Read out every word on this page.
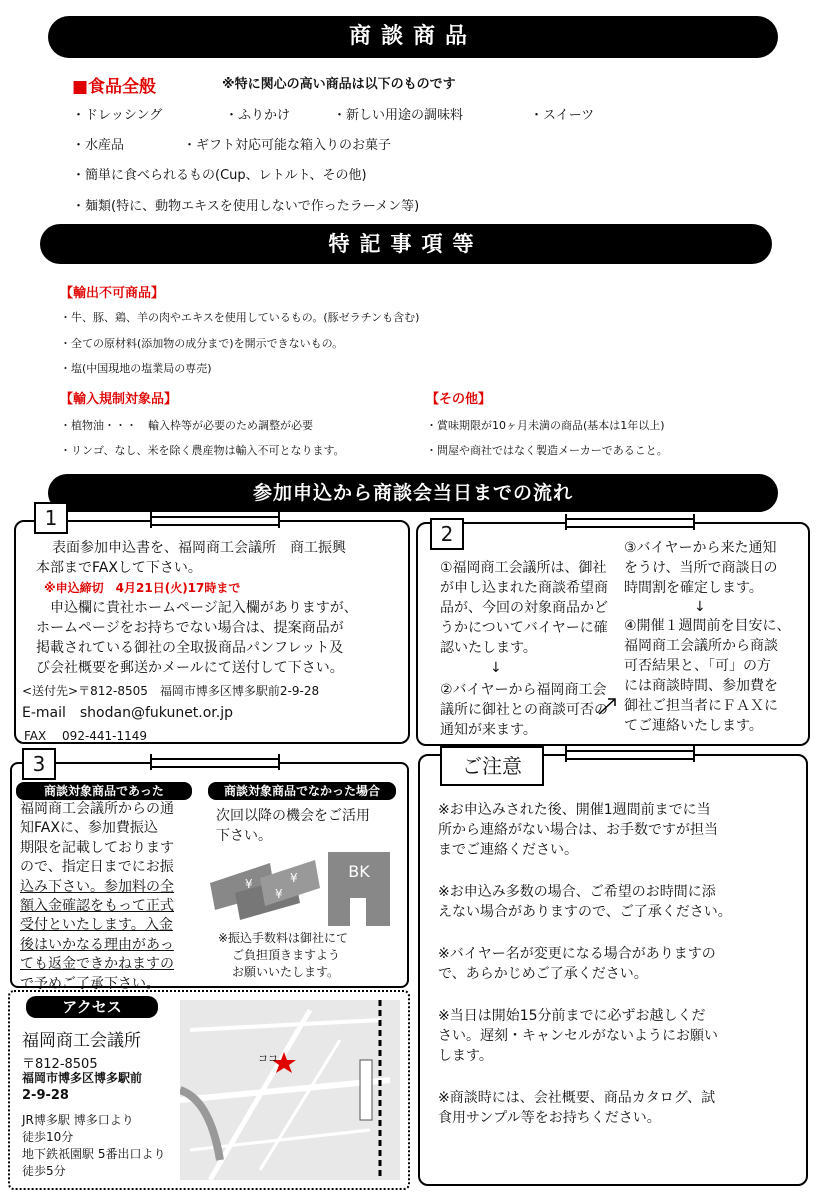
商談商品
■食品全般	※特に関心の高い商品は以下のものです
・ドレッシング	・ふりかけ	・新しい用途の調味料	・スイーツ
・水産品	・ギフト対応可能な箱入りのお菓子
・簡単に食べられるもの(Cup、レトルト、その他)
・麺類(特に、動物エキスを使用しないで作ったラーメン等)
特記事項等
【輸出不可商品】
・牛、豚、鶏、羊の肉やエキスを使用しているもの。(豚ゼラチンも含む)
・全ての原材料(添加物の成分まで)を開示できないもの。
・塩(中国現地の塩業局の専売)
【輸入規制対象品】
・植物油・・・　輸入枠等が必要のため調整が必要
・リンゴ、なし、米を除く農産物は輸入不可となります。
【その他】
・賞味期限が10ヶ月未満の商品(基本は1年以上)
・問屋や商社ではなく製造メーカーであること。
参加申込から商談会当日までの流れ
1
表面参加申込書を、福岡商工会議所　商工振興
本部までFAXして下さい。
※申込締切　4月21日(火)17時まで
申込欄に貴社ホームページ記入欄がありますが、
ホームページをお持ちでない場合は、提案商品が
掲載されている御社の全取扱商品パンフレット及
び会社概要を郵送かメールにて送付して下さい。
<送付先>〒812-8505　福岡市博多区博多駅前2-9-28
E-mail　shodan@fukunet.or.jp
FAX　 092-441-1149
2
①福岡商工会議所は、御社
が申し込まれた商談希望商
品が、今回の対象商品かど
うかについてバイヤーに確
認いたします。
↓
②バイヤーから福岡商工会
議所に御社との商談可否の
通知が来ます。
③バイヤーから来た通知
をうけ、当所で商談日の
時間割を確定します。
↓
④開催１週間前を目安に、
福岡商工会議所から商談
可否結果と、「可」の方
には商談時間、参加費を
御社ご担当者にＦＡＸに
てご連絡いたします。
3
商談対象商品であった	商談対象商品でなかった場合
福岡商工会議所からの通
知FAXに、参加費振込
期限を記載しております
ので、指定日までにお振
込み下さい。参加料の全
額入金確認をもって正式
受付といたします。入金
後はいかなる理由があっ
ても返金できかねますの
で予めご了承下さい。
次回以降の機会をご活用
下さい。
¥
¥
¥	BK
※振込手数料は御社にて
ご負担頂きますよう
お願いいたします。
アクセス
福岡商工会議所
〒812-8505
福岡市博多区博多駅前
2-9-28
JR博多駅 博多口より
徒歩10分
地下鉄祇園駅 5番出口より
徒歩5分
ココ
ご注意

※お申込みされた後、開催1週間前までに当

所から連絡がない場合は、お手数ですが担当

までご連絡ください。

※お申込み多数の場合、ご希望のお時間に添

えない場合がありますので、ご了承ください。

※バイヤー名が変更になる場合がありますの

で、あらかじめご了承ください。

※当日は開始15分前までに必ずお越しくだ

さい。遅刻・キャンセルがないようにお願い

します。

※商談時には、会社概要、商品カタログ、試

食用サンプル等をお持ちください。
